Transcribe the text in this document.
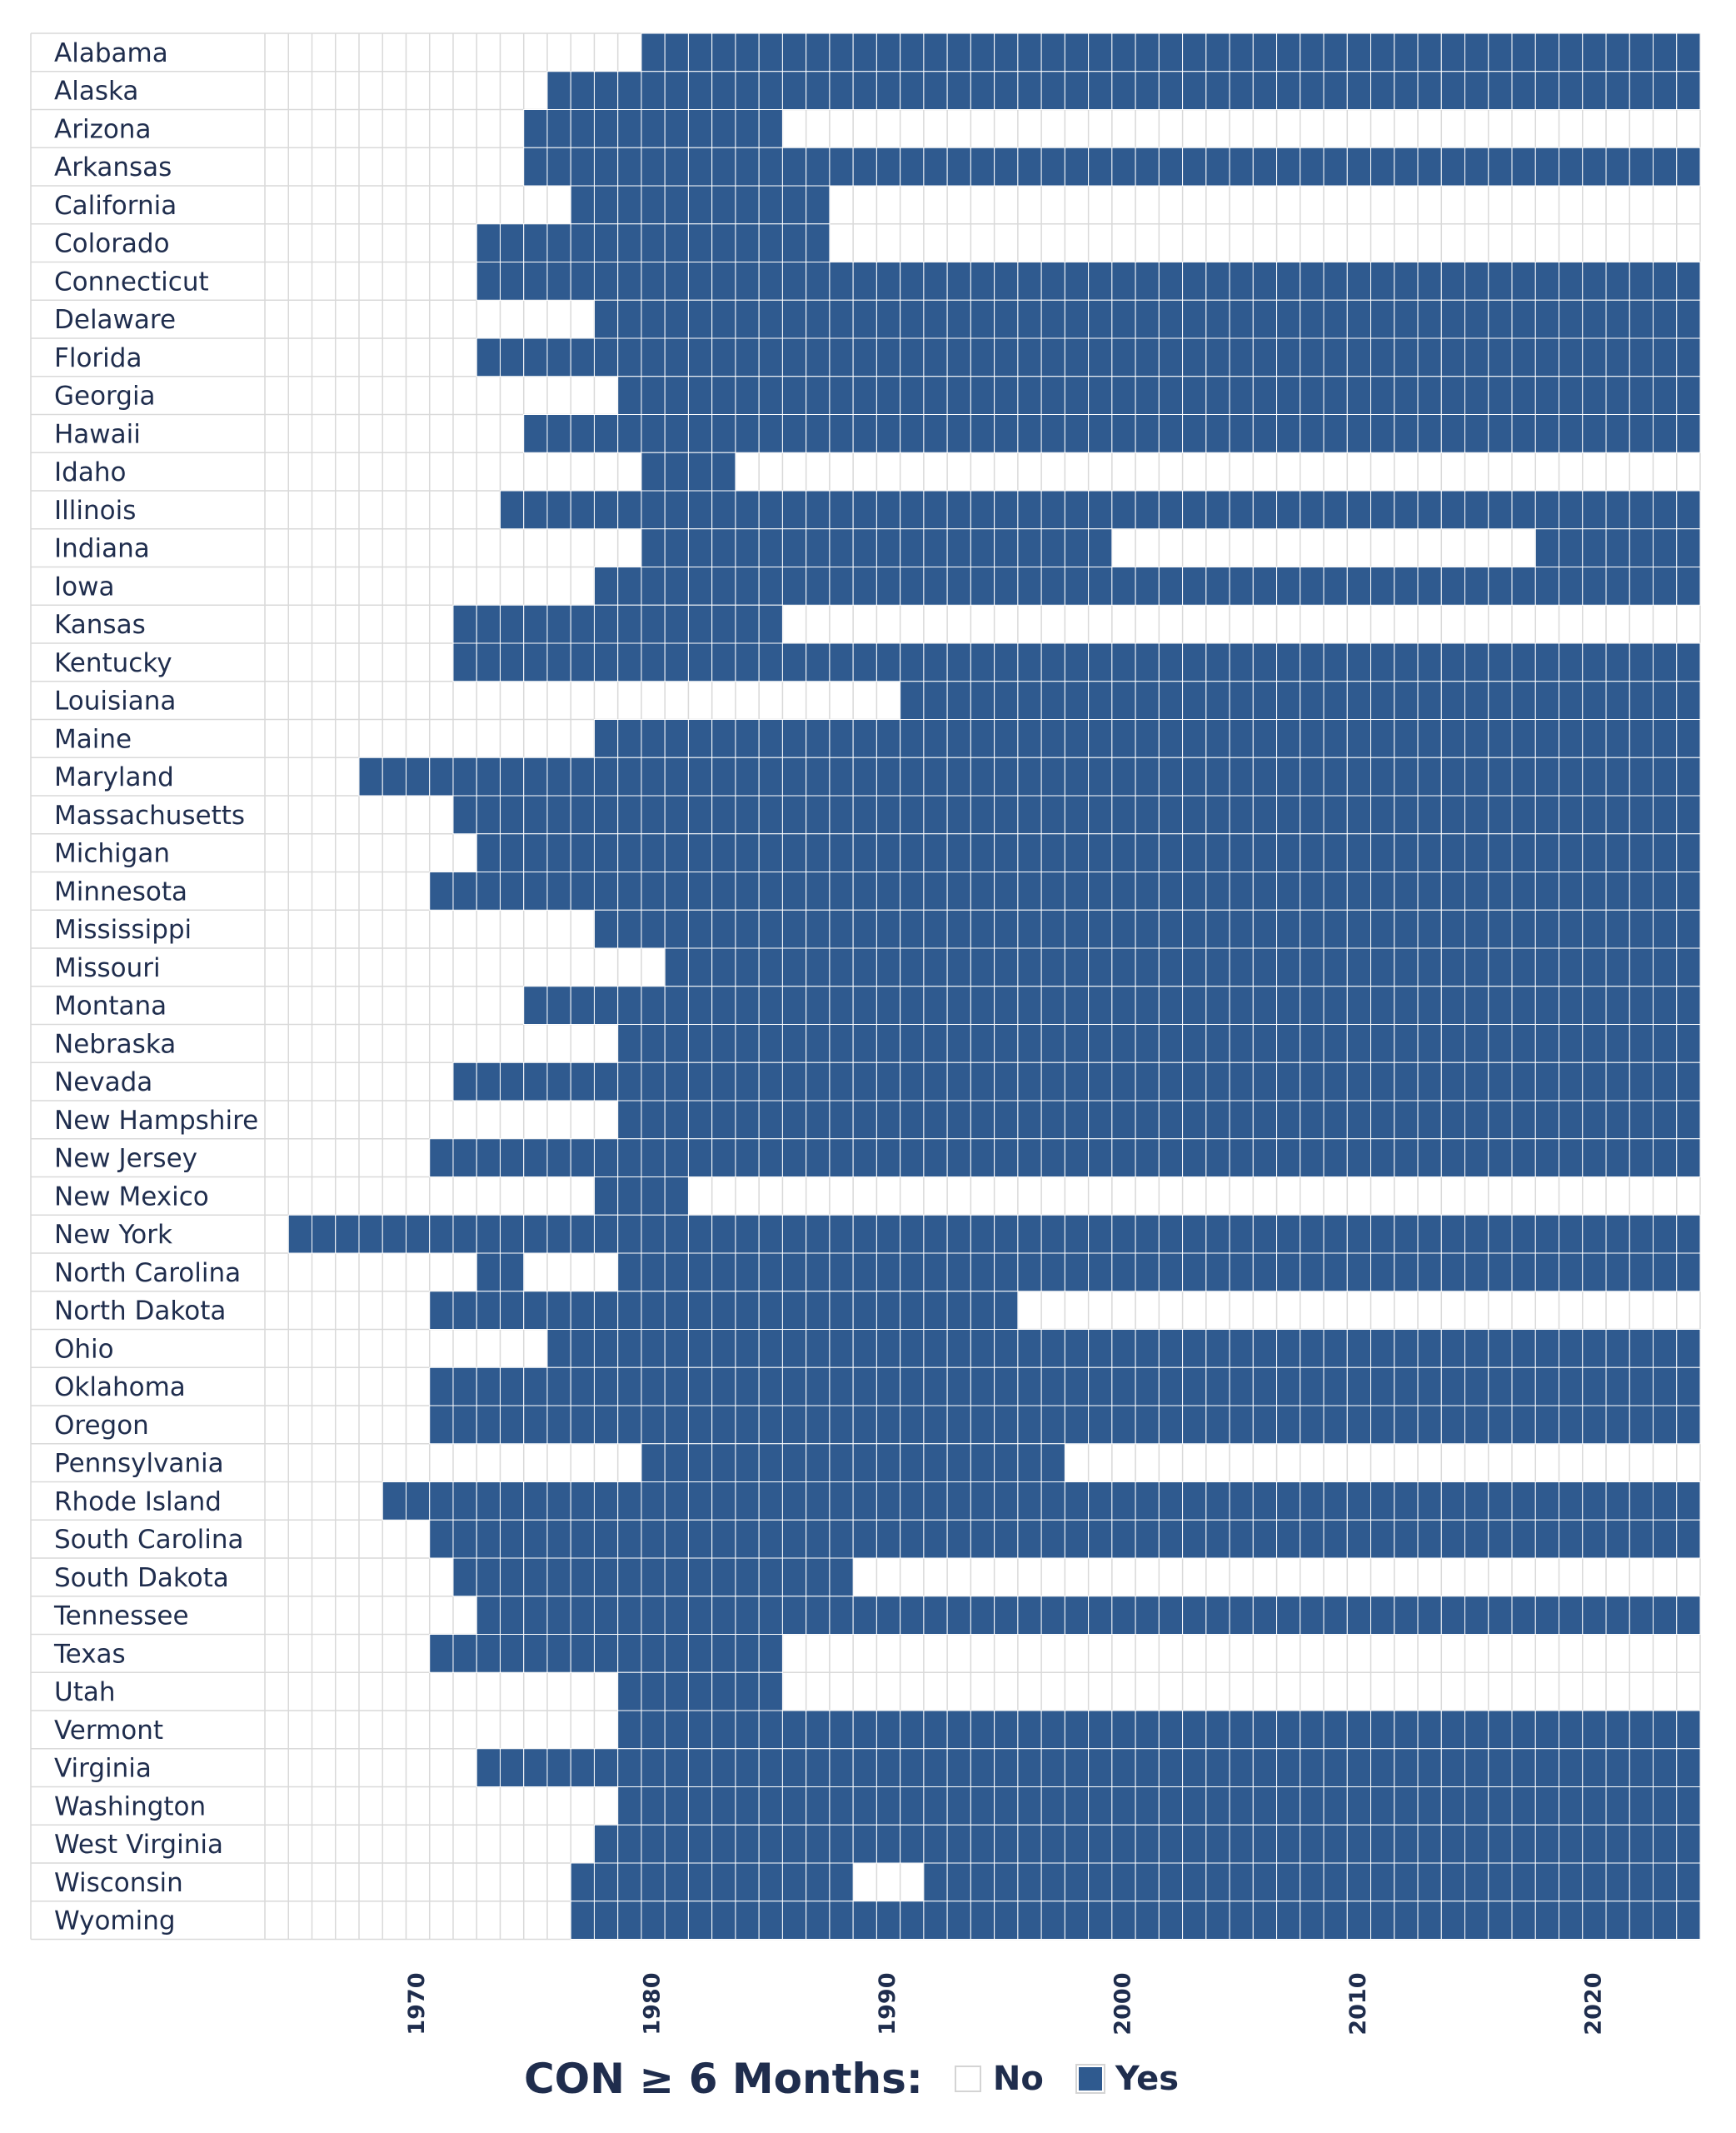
Alabama
Alaska
Arizona
Arkansas
California
Colorado
Connecticut
Delaware
Florida
Georgia
Hawaii
Idaho
Illinois
Indiana
Iowa
Kansas
Kentucky
Louisiana
Maine
Maryland
Massachusetts
Michigan
Minnesota
Mississippi
Missouri
Montana
Nebraska
Nevada
New Hampshire
New Jersey
New Mexico
New York
North Carolina
North Dakota
Ohio
Oklahoma
Oregon
Pennsylvania
Rhode Island
South Carolina
South Dakota
Tennessee
Texas
Utah
Vermont
Virginia
Washington
West Virginia
Wisconsin
Wyoming
1970	1980	1990	2000	2010	2020
CON ≥ 6 Months: No Yes
